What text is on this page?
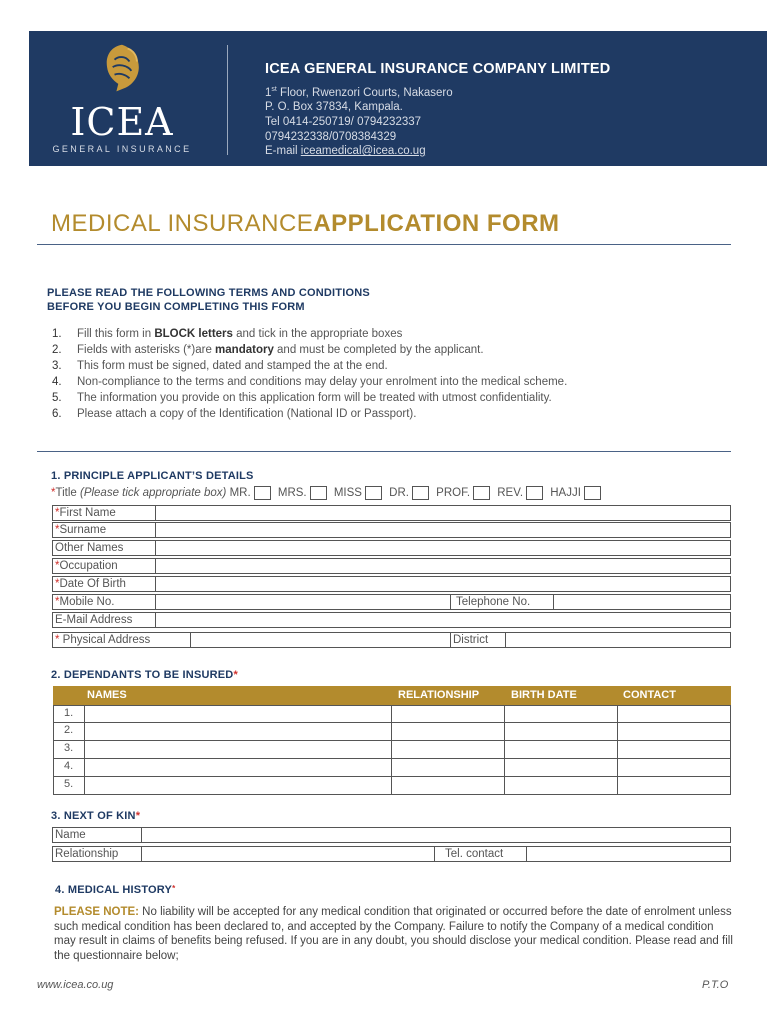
ICEA
GENERAL INSURANCE
ICEA GENERAL INSURANCE COMPANY LIMITED
1st Floor, Rwenzori Courts, Nakasero
P. O. Box 37834, Kampala.
Tel 0414-250719/ 0794232337
0794232338/0708384329
E-mail iceamedical@icea.co.ug
MEDICAL INSURANCEAPPLICATION FORM
PLEASE READ THE FOLLOWING TERMS AND CONDITIONS
BEFORE YOU BEGIN COMPLETING THIS FORM
1. Fill this form in BLOCK letters and tick in the appropriate boxes
2. Fields with asterisks (*)are mandatory and must be completed by the applicant.
3. This form must be signed, dated and stamped the at the end.
4. Non-compliance to the terms and conditions may delay your enrolment into the medical scheme.
5. The information you provide on this application form will be treated with utmost confidentiality.
6. Please attach a copy of the Identification (National ID or Passport).
1. PRINCIPLE APPLICANT’S DETAILS
*Title (Please tick appropriate box) MR. MRS. MISS DR. PROF. REV. HAJJI
*First Name
*Surname
Other Names
*Occupation
*Date Of Birth
*Mobile No.	Telephone No.
E-Mail Address
* Physical Address	District
2. DEPENDANTS TO BE INSURED*
NAMES	RELATIONSHIP	BIRTH DATE	CONTACT
1.
2.
3.
4.
5.
3. NEXT OF KIN*
Name
Relationship	Tel. contact
4. MEDICAL HISTORY*
PLEASE NOTE: No liability will be accepted for any medical condition that originated or occurred before the date of enrolment unless such medical condition has been declared to, and accepted by the Company. Failure to notify the Company of a medical condition may result in claims of benefits being refused. If you are in any doubt, you should disclose your medical condition. Please read and fill the questionnaire below;
www.icea.co.ug	P.T.O
